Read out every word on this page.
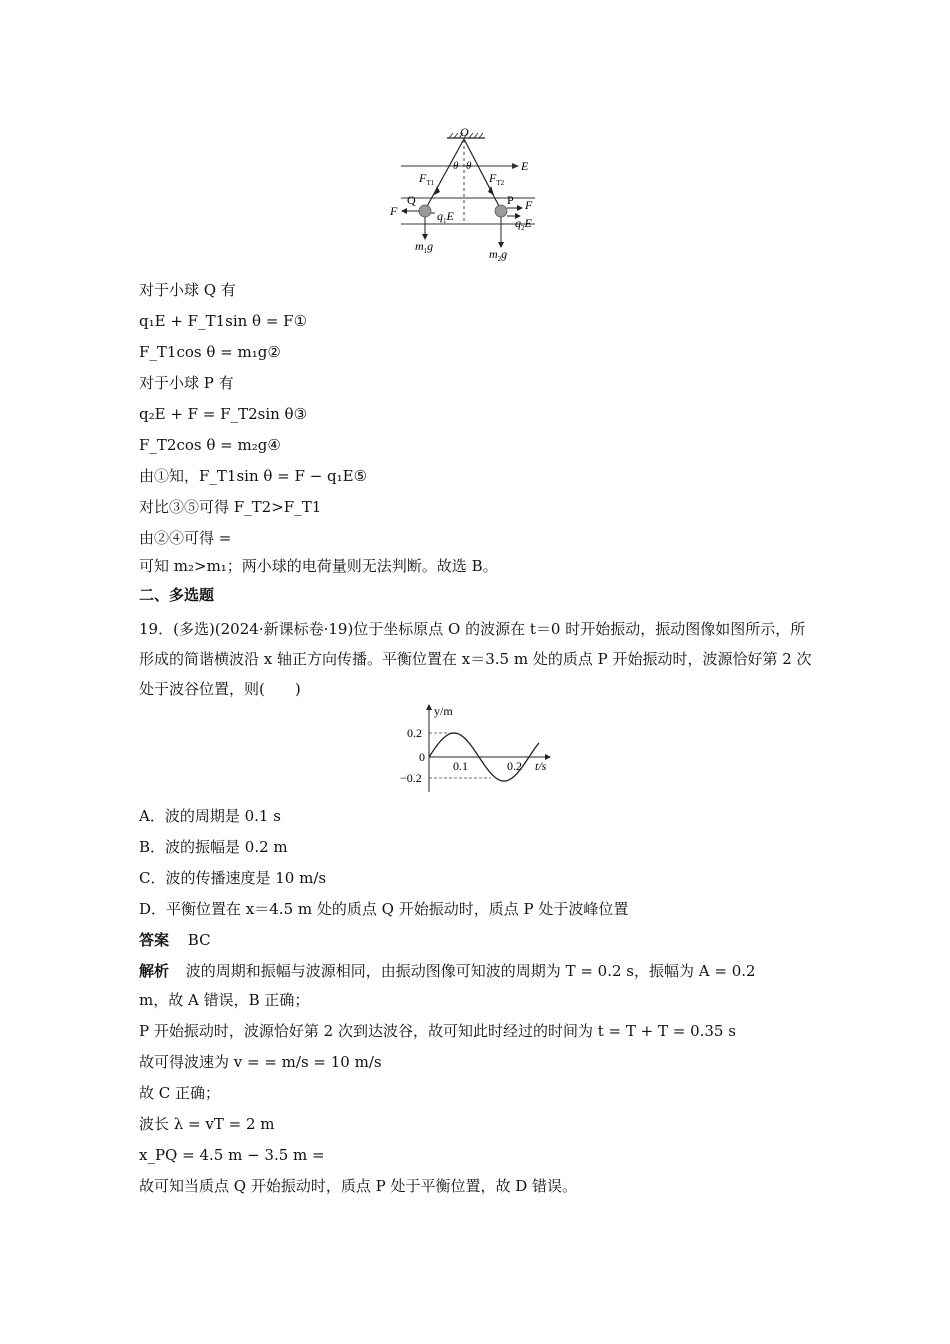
O
E
θ θ
$F_{T1}$	$F_{T2}$
Q	P
F	F
$q_1E$	$q_2E$
$m_1g$
$m_2g$
对于小球 Q 有
q₁E + F_T1sin θ = F①
F_T1cos θ = m₁g②
对于小球 P 有
q₂E + F = F_T2sin θ③
F_T2cos θ = m₂g④
由①知，F_T1sin θ = F − q₁E⑤
对比③⑤可得 F_T2>F_T1
由②④可得 =
可知 m₂>m₁；两小球的电荷量则无法判断。故选 B。
二、多选题
19．(多选)(2024·新课标卷·19)位于坐标原点 O 的波源在 t＝0 时开始振动，振动图像如图所示，所形成的简谐横波沿 x 轴正方向传播。平衡位置在 x＝3.5 m 处的质点 P 开始振动时，波源恰好第 2 次处于波谷位置，则(　　)
y/m
t/s
0.2
0
−0.2
0.1	0.2
A．波的周期是 0.1 s
B．波的振幅是 0.2 m
C．波的传播速度是 10 m/s
D．平衡位置在 x＝4.5 m 处的质点 Q 开始振动时，质点 P 处于波峰位置
答案 BC
解析 波的周期和振幅与波源相同，由振动图像可知波的周期为 T = 0.2 s，振幅为 A = 0.2
m，故 A 错误，B 正确；
P 开始振动时，波源恰好第 2 次到达波谷，故可知此时经过的时间为 t = T + T = 0.35 s
故可得波速为 v = = m/s = 10 m/s
故 C 正确；
波长 λ = vT = 2 m
x_PQ = 4.5 m − 3.5 m =
故可知当质点 Q 开始振动时，质点 P 处于平衡位置，故 D 错误。
